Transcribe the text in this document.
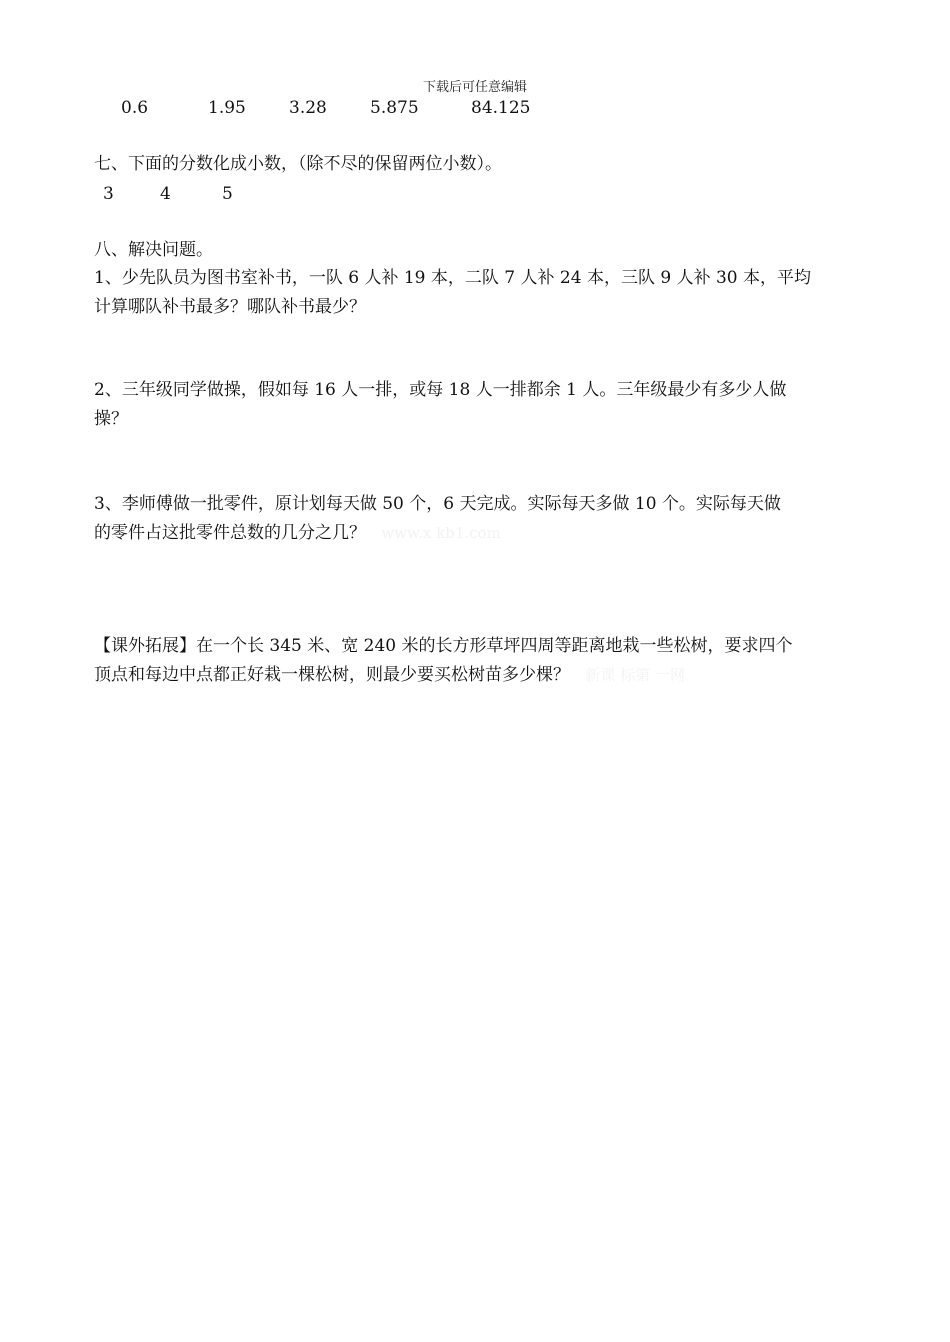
下载后可任意编辑
0.6	1.95	3.28	5.875	84.125
七、下面的分数化成小数，（除不尽的保留两位小数）。
3	4	5
八、解决问题。
1、少先队员为图书室补书，一队 6 人补 19 本，二队 7 人补 24 本，三队 9 人补 30 本，平均
计算哪队补书最多？哪队补书最少？
2、三年级同学做操，假如每 16 人一排，或每 18 人一排都余 1 人。三年级最少有多少人做
操？
3、李师傅做一批零件，原计划每天做 50 个，6 天完成。实际每天多做 10 个。实际每天做
的零件占这批零件总数的几分之几？ www.x kb1.com
【课外拓展】在一个长 345 米、宽 240 米的长方形草坪四周等距离地栽一些松树，要求四个
顶点和每边中点都正好栽一棵松树，则最少要买松树苗多少棵？ 新课 标第 一网
